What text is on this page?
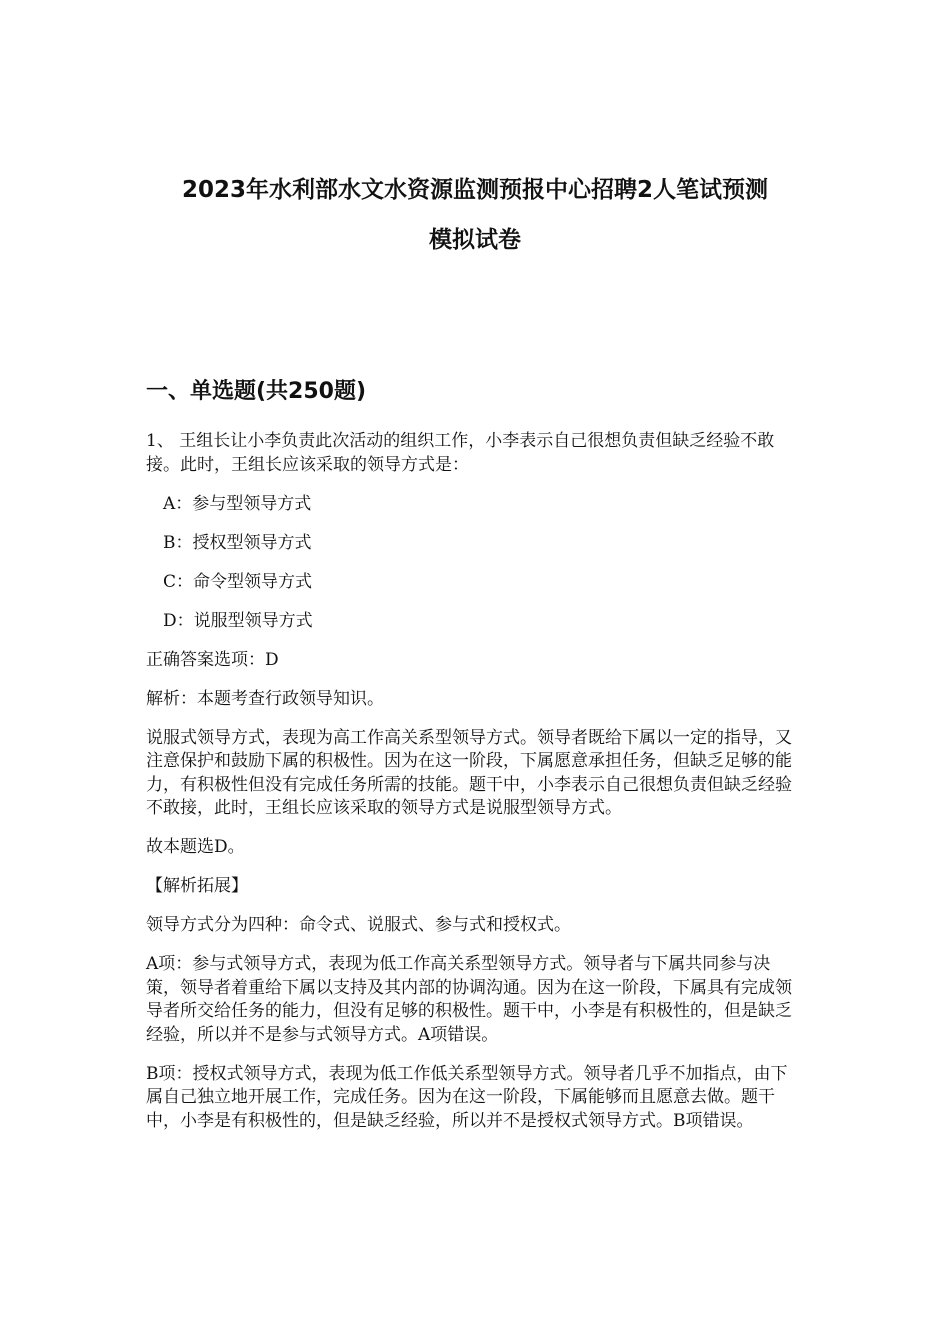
2023年水利部水文水资源监测预报中心招聘2人笔试预测
模拟试卷
一、单选题(共250题)

1、 王组长让小李负责此次活动的组织工作，小李表示自己很想负责但缺乏经验不敢接。此时，王组长应该采取的领导方式是：

A：参与型领导方式

B：授权型领导方式

C：命令型领导方式

D：说服型领导方式

正确答案选项：D

解析：本题考查行政领导知识。

说服式领导方式，表现为高工作高关系型领导方式。领导者既给下属以一定的指导，又注意保护和鼓励下属的积极性。因为在这一阶段，下属愿意承担任务，但缺乏足够的能力，有积极性但没有完成任务所需的技能。题干中，小李表示自己很想负责但缺乏经验不敢接，此时，王组长应该采取的领导方式是说服型领导方式。

故本题选D。

【解析拓展】

领导方式分为四种：命令式、说服式、参与式和授权式。

A项：参与式领导方式，表现为低工作高关系型领导方式。领导者与下属共同参与决策，领导者着重给下属以支持及其内部的协调沟通。因为在这一阶段，下属具有完成领导者所交给任务的能力，但没有足够的积极性。题干中，小李是有积极性的，但是缺乏经验，所以并不是参与式领导方式。A项错误。

B项：授权式领导方式，表现为低工作低关系型领导方式。领导者几乎不加指点，由下属自己独立地开展工作，完成任务。因为在这一阶段，下属能够而且愿意去做。题干中，小李是有积极性的，但是缺乏经验，所以并不是授权式领导方式。B项错误。
